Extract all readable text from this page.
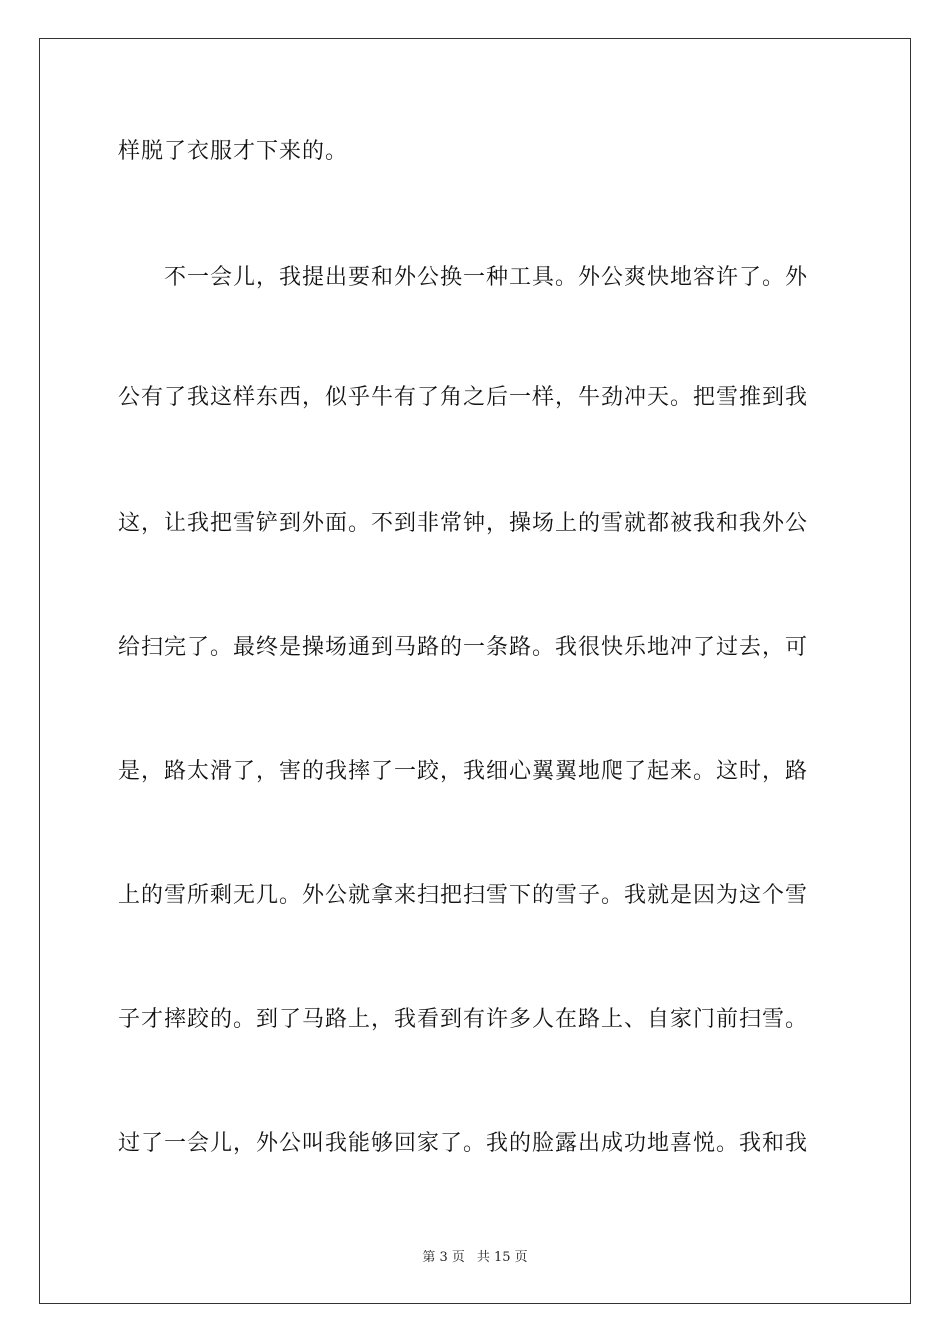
样脱了衣服才下来的。
　　不一会儿，我提出要和外公换一种工具。外公爽快地容许了。外
公有了我这样东西，似乎牛有了角之后一样，牛劲冲天。把雪推到我
这，让我把雪铲到外面。不到非常钟，操场上的雪就都被我和我外公
给扫完了。最终是操场通到马路的一条路。我很快乐地冲了过去，可
是，路太滑了，害的我摔了一跤，我细心翼翼地爬了起来。这时，路
上的雪所剩无几。外公就拿来扫把扫雪下的雪子。我就是因为这个雪
子才摔跤的。到了马路上，我看到有许多人在路上、自家门前扫雪。
过了一会儿，外公叫我能够回家了。我的脸露出成功地喜悦。我和我
第 3 页 共 15 页
